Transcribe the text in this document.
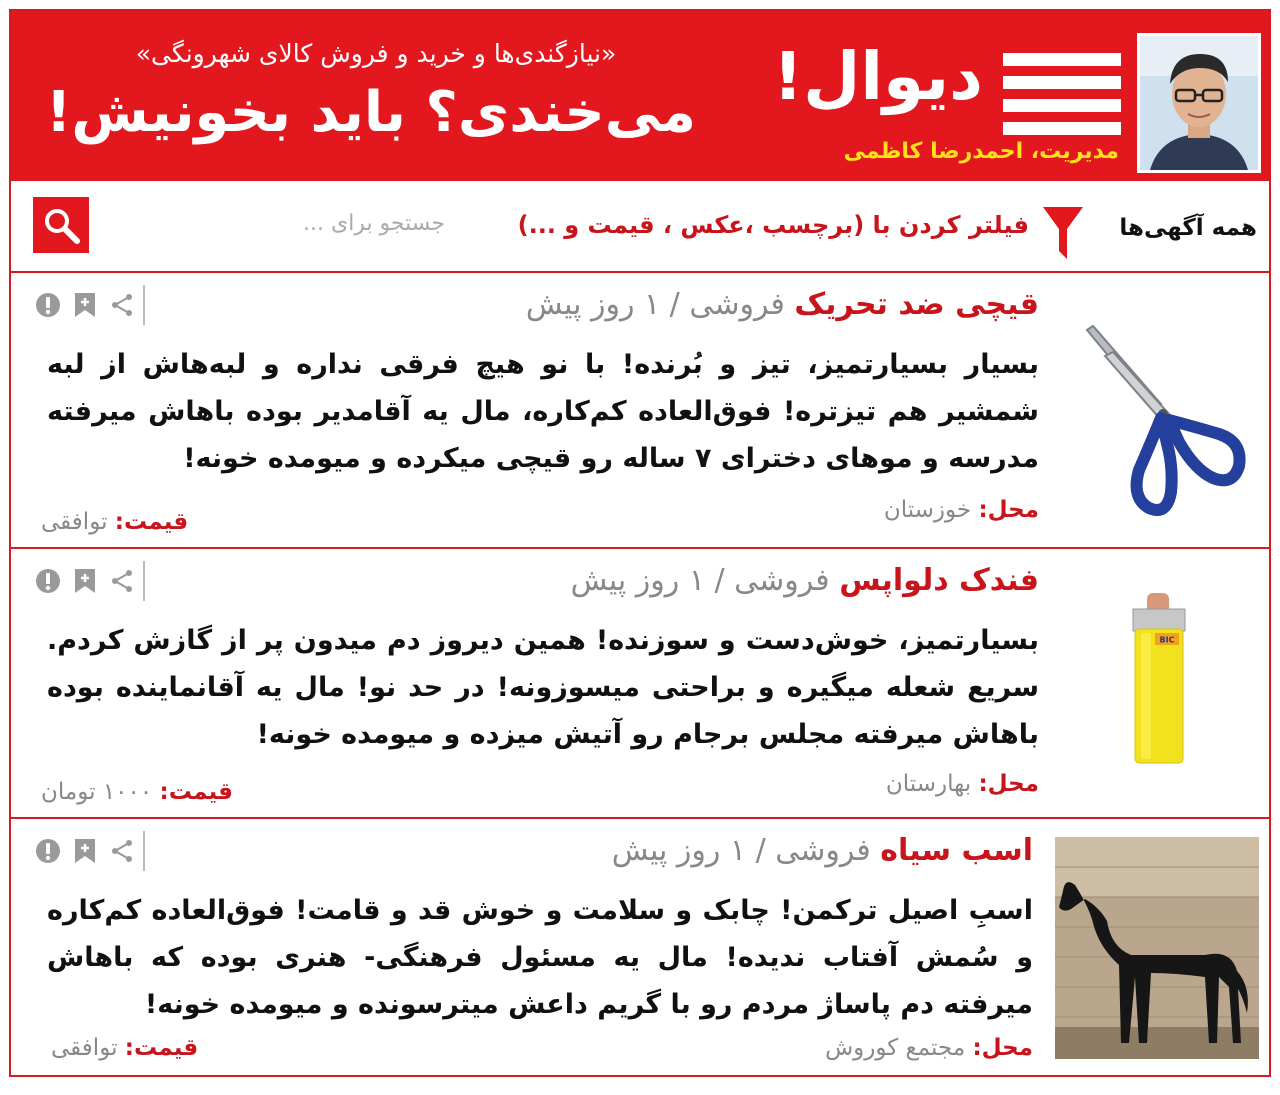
دیوال!
مدیریت، احمدرضا کاظمی
«نیازگندی‌ها و خرید و فروش کالای شهرونگی»
می‌خندی؟ باید بخونیش!
جستجو برای ...
فیلتر کردن با (برچسب ،عکس ، قیمت و ...)	همه آگهی‌ها
قیچی ضد تحریک فروشی / ۱ روز پیش
بسیار بسیارتمیز، تیز و بُرنده! با نو هیچ فرقی نداره و لبه‌هاش از لبه شمشیر هم تیزتره! فوق‌العاده کم‌کاره، مال یه آقامدیر بوده باهاش میرفته مدرسه و موهای دخترای ۷ ساله رو قیچی میکرده و میومده خونه!
محل: خوزستان
قیمت: توافقی
BIC
فندک دلواپس فروشی / ۱ روز پیش
بسیارتمیز، خوش‌دست و سوزنده! همین دیروز دم میدون پر از گازش کردم. سریع شعله میگیره و براحتی میسوزونه! در حد نو! مال یه آقانماینده بوده باهاش میرفته مجلس برجام رو آتیش میزده و میومده خونه!
محل: بهارستان
قیمت: ۱۰۰۰ تومان
اسب سیاه فروشی / ۱ روز پیش
اسبِ اصیل ترکمن! چابک و سلامت و خوش قد و قامت! فوق‌العاده کم‌کاره و سُمش آفتاب ندیده! مال یه مسئول فرهنگی- هنری بوده که باهاش میرفته دم پاساژ مردم رو با گریم داعش میترسونده و میومده خونه!
محل: مجتمع کوروش
قیمت: توافقی
